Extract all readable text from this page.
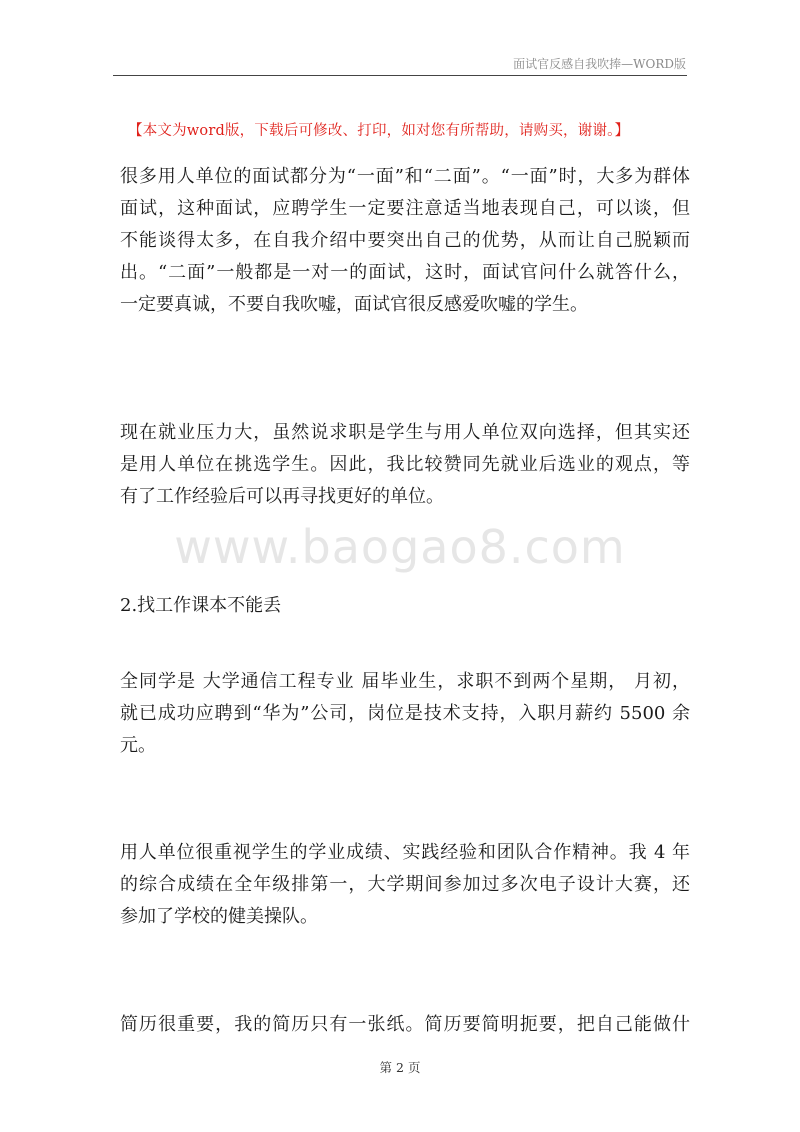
面试官反感自我吹捧—WORD版
【本文为word版，下载后可修改、打印，如对您有所帮助，请购买，谢谢。】
www.baogao8.com

很多用人单位的面试都分为“一面”和“二面”。“一面”时，大多为群体
面试，这种面试，应聘学生一定要注意适当地表现自己，可以谈，但
不能谈得太多，在自我介绍中要突出自己的优势，从而让自己脱颖而
出。“二面”一般都是一对一的面试，这时，面试官问什么就答什么，
一定要真诚，不要自我吹嘘，面试官很反感爱吹嘘的学生。

现在就业压力大，虽然说求职是学生与用人单位双向选择，但其实还
是用人单位在挑选学生。因此，我比较赞同先就业后选业的观点，等
有了工作经验后可以再寻找更好的单位。

2.找工作课本不能丢

全同学是 大学通信工程专业 届毕业生，求职不到两个星期， 月初，
就已成功应聘到“华为”公司，岗位是技术支持，入职月薪约 5500 余
元。

用人单位很重视学生的学业成绩、实践经验和团队合作精神。我 4 年
的综合成绩在全年级排第一，大学期间参加过多次电子设计大赛，还
参加了学校的健美操队。

简历很重要，我的简历只有一张纸。简历要简明扼要，把自己能做什

第 2 页
